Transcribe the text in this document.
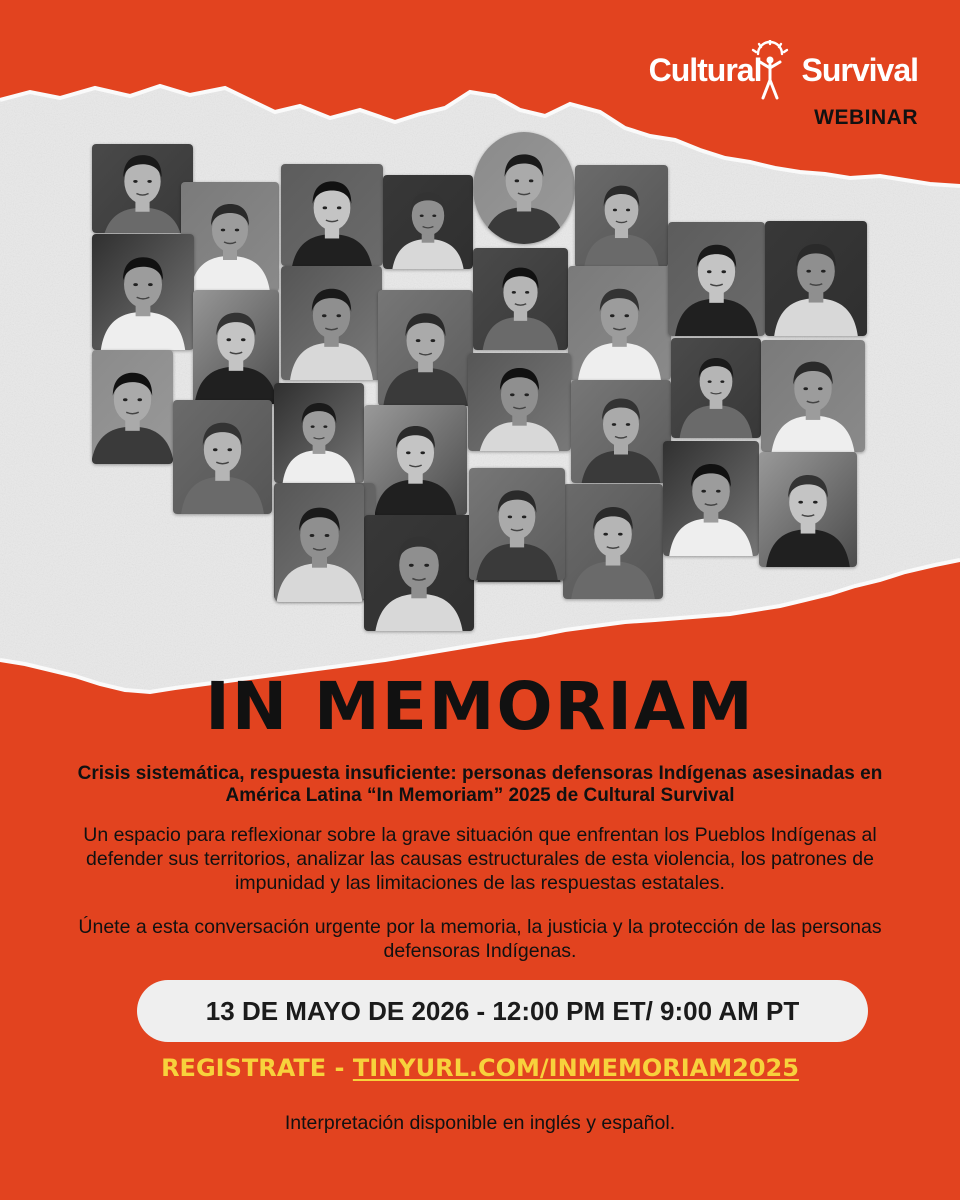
Cultural Survival
WEBINAR
IN MEMORIAM
Crisis sistemática, respuesta insuficiente: personas defensoras Indígenas asesinadas en América Latina “In Memoriam” 2025 de Cultural Survival
Un espacio para reflexionar sobre la grave situación que enfrentan los Pueblos Indígenas al defender sus territorios, analizar las causas estructurales de esta violencia, los patrones de impunidad y las limitaciones de las respuestas estatales.
Únete a esta conversación urgente por la memoria, la justicia y la protección de las personas defensoras Indígenas.
13 DE MAYO DE 2026 - 12:00 PM ET/ 9:00 AM PT
REGISTRATE - TINYURL.COM/INMEMORIAM2025
Interpretación disponible en inglés y español.
